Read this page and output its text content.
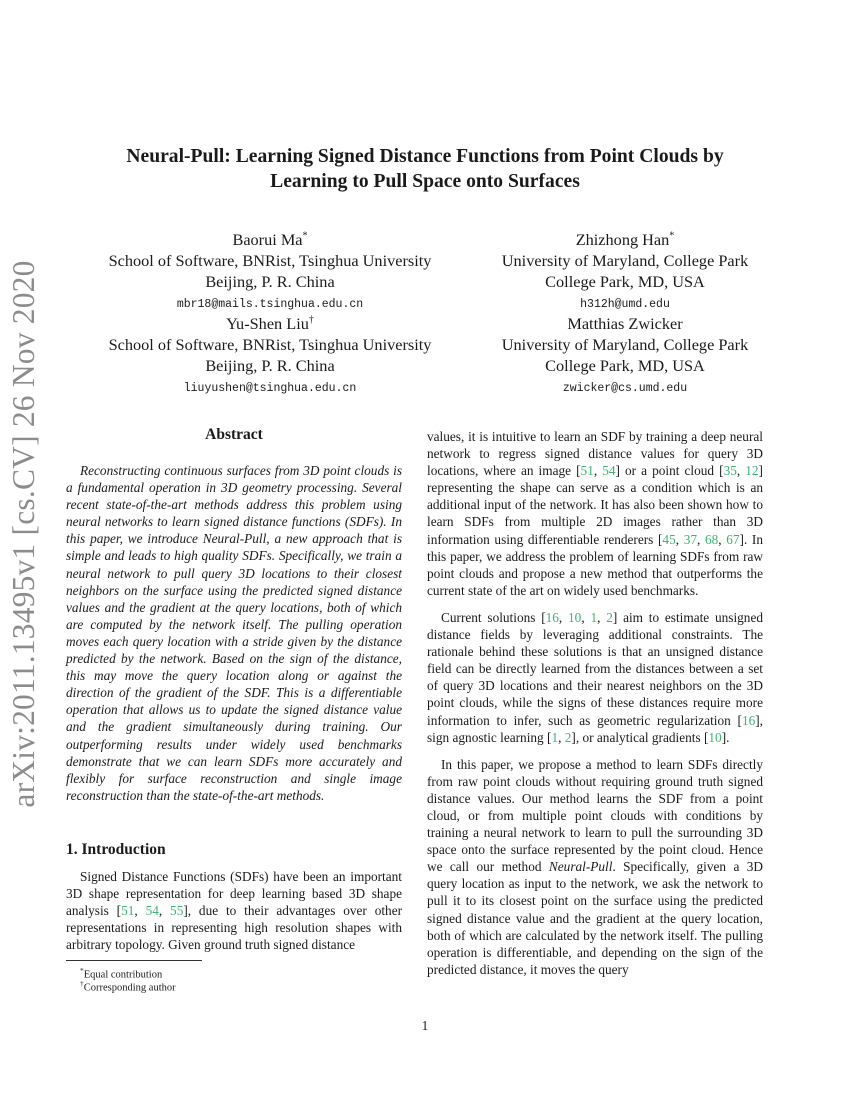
arXiv:2011.13495v1 [cs.CV] 26 Nov 2020
Neural-Pull: Learning Signed Distance Functions from Point Clouds by
Learning to Pull Space onto Surfaces
Baorui Ma*
School of Software, BNRist, Tsinghua University
Beijing, P. R. China
mbr18@mails.tsinghua.edu.cn
Zhizhong Han*
University of Maryland, College Park
College Park, MD, USA
h312h@umd.edu
Yu-Shen Liu†
School of Software, BNRist, Tsinghua University
Beijing, P. R. China
liuyushen@tsinghua.edu.cn
Matthias Zwicker
University of Maryland, College Park
College Park, MD, USA
zwicker@cs.umd.edu
Abstract
Reconstructing continuous surfaces from 3D point clouds is a fundamental operation in 3D geometry processing. Several recent state-of-the-art methods address this problem using neural networks to learn signed distance functions (SDFs). In this paper, we introduce Neural-Pull, a new approach that is simple and leads to high quality SDFs. Specifically, we train a neural network to pull query 3D locations to their closest neighbors on the surface using the predicted signed distance values and the gradient at the query locations, both of which are computed by the network itself. The pulling operation moves each query location with a stride given by the distance predicted by the network. Based on the sign of the distance, this may move the query location along or against the direction of the gradient of the SDF. This is a differentiable operation that allows us to update the signed distance value and the gradient simultaneously during training. Our outperforming results under widely used benchmarks demonstrate that we can learn SDFs more accurately and flexibly for surface reconstruction and single image reconstruction than the state-of-the-art methods.
1. Introduction

Signed Distance Functions (SDFs) have been an important 3D shape representation for deep learning based 3D shape analysis [51, 54, 55], due to their advantages over other representations in representing high resolution shapes with arbitrary topology. Given ground truth signed distance

*Equal contribution
†Corresponding author

values, it is intuitive to learn an SDF by training a deep neural network to regress signed distance values for query 3D locations, where an image [51, 54] or a point cloud [35, 12] representing the shape can serve as a condition which is an additional input of the network. It has also been shown how to learn SDFs from multiple 2D images rather than 3D information using differentiable renderers [45, 37, 68, 67]. In this paper, we address the problem of learning SDFs from raw point clouds and propose a new method that outperforms the current state of the art on widely used benchmarks.

Current solutions [16, 10, 1, 2] aim to estimate unsigned distance fields by leveraging additional constraints. The rationale behind these solutions is that an unsigned distance field can be directly learned from the distances between a set of query 3D locations and their nearest neighbors on the 3D point clouds, while the signs of these distances require more information to infer, such as geometric regularization [16], sign agnostic learning [1, 2], or analytical gradients [10].

In this paper, we propose a method to learn SDFs directly from raw point clouds without requiring ground truth signed distance values. Our method learns the SDF from a point cloud, or from multiple point clouds with conditions by training a neural network to learn to pull the surrounding 3D space onto the surface represented by the point cloud. Hence we call our method Neural-Pull. Specifically, given a 3D query location as input to the network, we ask the network to pull it to its closest point on the surface using the predicted signed distance value and the gradient at the query location, both of which are calculated by the network itself. The pulling operation is differentiable, and depending on the sign of the predicted distance, it moves the query

1
